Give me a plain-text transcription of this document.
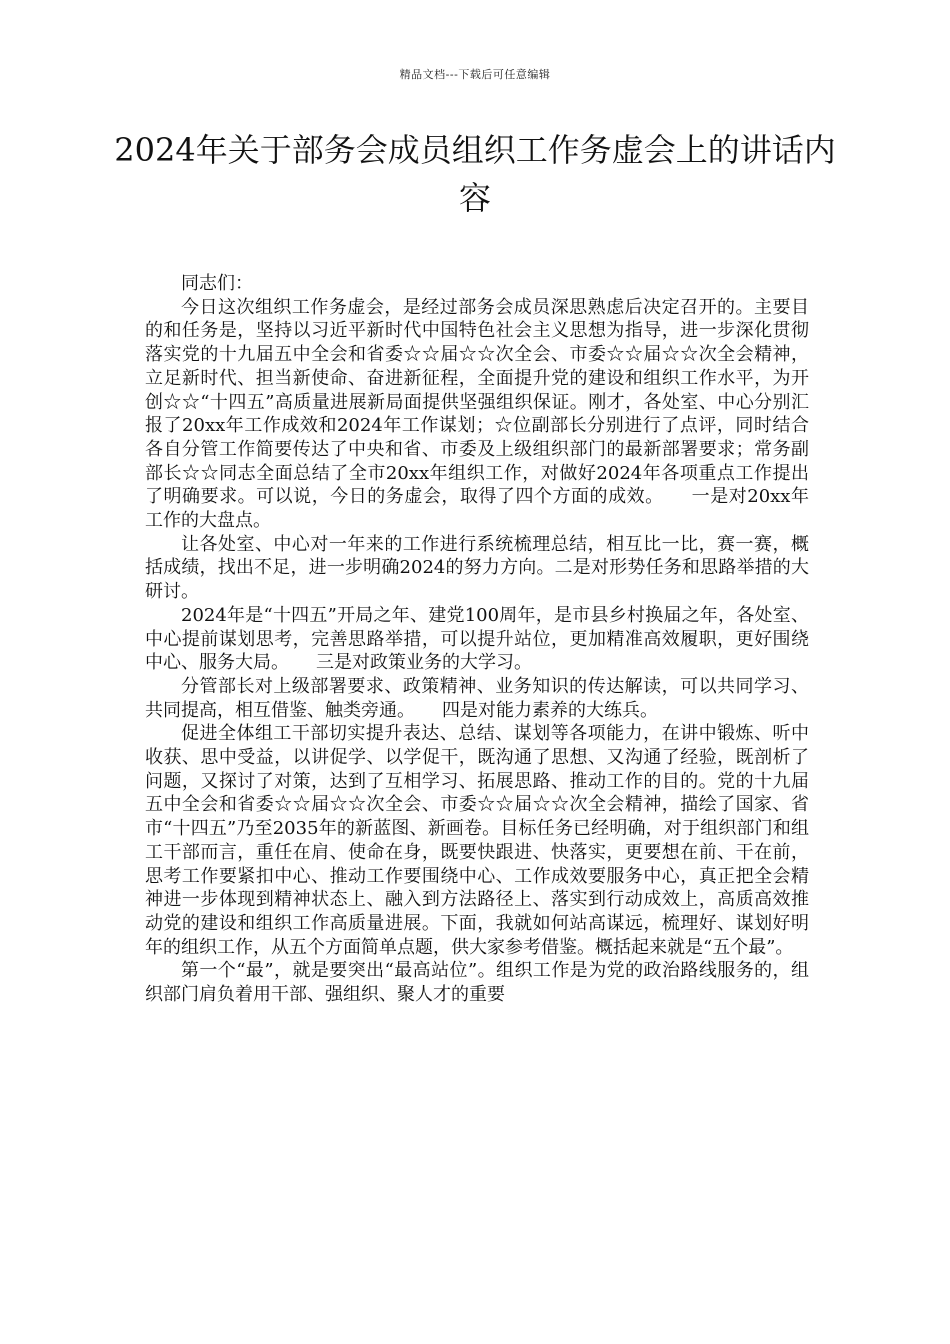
精品文档---下载后可任意编辑
2024年关于部务会成员组织工作务虚会上的讲话内容

同志们：

今日这次组织工作务虚会，是经过部务会成员深思熟虑后决定召开的。主要目的和任务是，坚持以习近平新时代中国特色社会主义思想为指导，进一步深化贯彻落实党的十九届五中全会和省委☆☆届☆☆次全会、市委☆☆届☆☆次全会精神，立足新时代、担当新使命、奋进新征程，全面提升党的建设和组织工作水平，为开创☆☆“十四五”高质量进展新局面提供坚强组织保证。刚才，各处室、中心分别汇报了20xx年工作成效和2024年工作谋划；☆位副部长分别进行了点评，同时结合各自分管工作简要传达了中央和省、市委及上级组织部门的最新部署要求；常务副部长☆☆同志全面总结了全市20xx年组织工作，对做好2024年各项重点工作提出了明确要求。可以说，今日的务虚会，取得了四个方面的成效。　　一是对20xx年工作的大盘点。

让各处室、中心对一年来的工作进行系统梳理总结，相互比一比，赛一赛，概括成绩，找出不足，进一步明确2024的努力方向。二是对形势任务和思路举措的大研讨。

2024年是“十四五”开局之年、建党100周年，是市县乡村换届之年，各处室、中心提前谋划思考，完善思路举措，可以提升站位，更加精准高效履职，更好围绕中心、服务大局。　　三是对政策业务的大学习。

分管部长对上级部署要求、政策精神、业务知识的传达解读，可以共同学习、共同提高，相互借鉴、触类旁通。　　四是对能力素养的大练兵。

促进全体组工干部切实提升表达、总结、谋划等各项能力，在讲中锻炼、听中收获、思中受益，以讲促学、以学促干，既沟通了思想、又沟通了经验，既剖析了问题，又探讨了对策，达到了互相学习、拓展思路、推动工作的目的。党的十九届五中全会和省委☆☆届☆☆次全会、市委☆☆届☆☆次全会精神，描绘了国家、省市“十四五”乃至2035年的新蓝图、新画卷。目标任务已经明确，对于组织部门和组工干部而言，重任在肩、使命在身，既要快跟进、快落实，更要想在前、干在前，思考工作要紧扣中心、推动工作要围绕中心、工作成效要服务中心，真正把全会精神进一步体现到精神状态上、融入到方法路径上、落实到行动成效上，高质高效推动党的建设和组织工作高质量进展。下面，我就如何站高谋远，梳理好、谋划好明年的组织工作，从五个方面简单点题，供大家参考借鉴。概括起来就是“五个最”。

第一个“最”，就是要突出“最高站位”。组织工作是为党的政治路线服务的，组织部门肩负着用干部、强组织、聚人才的重要
